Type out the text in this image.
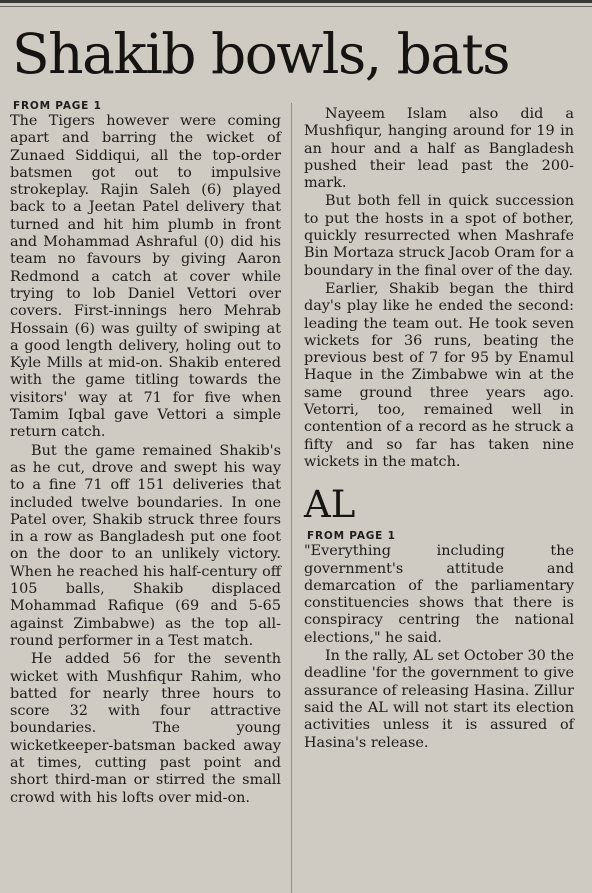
Shakib bowls, bats
FROM PAGE 1

The Tigers however were coming apart and barring the wicket of Zunaed Siddiqui, all the top-order batsmen got out to impulsive strokeplay. Rajin Saleh (6) played back to a Jeetan Patel delivery that turned and hit him plumb in front and Mohammad Ashraful (0) did his team no favours by giving Aaron Redmond a catch at cover while trying to lob Daniel Vettori over covers. First-innings hero Mehrab Hossain (6) was guilty of swiping at a good length delivery, holing out to Kyle Mills at mid-on. Shakib entered with the game titling towards the visitors' way at 71 for five when Tamim Iqbal gave Vettori a simple return catch.

But the game remained Shakib's as he cut, drove and swept his way to a fine 71 off 151 deliveries that included twelve boundaries. In one Patel over, Shakib struck three fours in a row as Bangladesh put one foot on the door to an unlikely victory. When he reached his half-century off 105 balls, Shakib displaced Mohammad Rafique (69 and 5-65 against Zimbabwe) as the top all-round performer in a Test match.

He added 56 for the seventh wicket with Mushfiqur Rahim, who batted for nearly three hours to score 32 with four attractive boundaries. The young wicketkeeper-batsman backed away at times, cutting past point and short third-man or stirred the small crowd with his lofts over mid-on.

Nayeem Islam also did a Mushfiqur, hanging around for 19 in an hour and a half as Bangladesh pushed their lead past the 200-mark.

But both fell in quick succession to put the hosts in a spot of bother, quickly resurrected when Mashrafe Bin Mortaza struck Jacob Oram for a boundary in the final over of the day.

Earlier, Shakib began the third day's play like he ended the second: leading the team out. He took seven wickets for 36 runs, beating the previous best of 7 for 95 by Enamul Haque in the Zimbabwe win at the same ground three years ago. Vetorri, too, remained well in contention of a record as he struck a fifty and so far has taken nine wickets in the match.

AL
FROM PAGE 1

"Everything including the government's attitude and demarcation of the parliamentary constituencies shows that there is conspiracy centring the national elections," he said.

In the rally, AL set October 30 the deadline 'for the government to give assurance of releasing Hasina. Zillur said the AL will not start its election activities unless it is assured of Hasina's release.
